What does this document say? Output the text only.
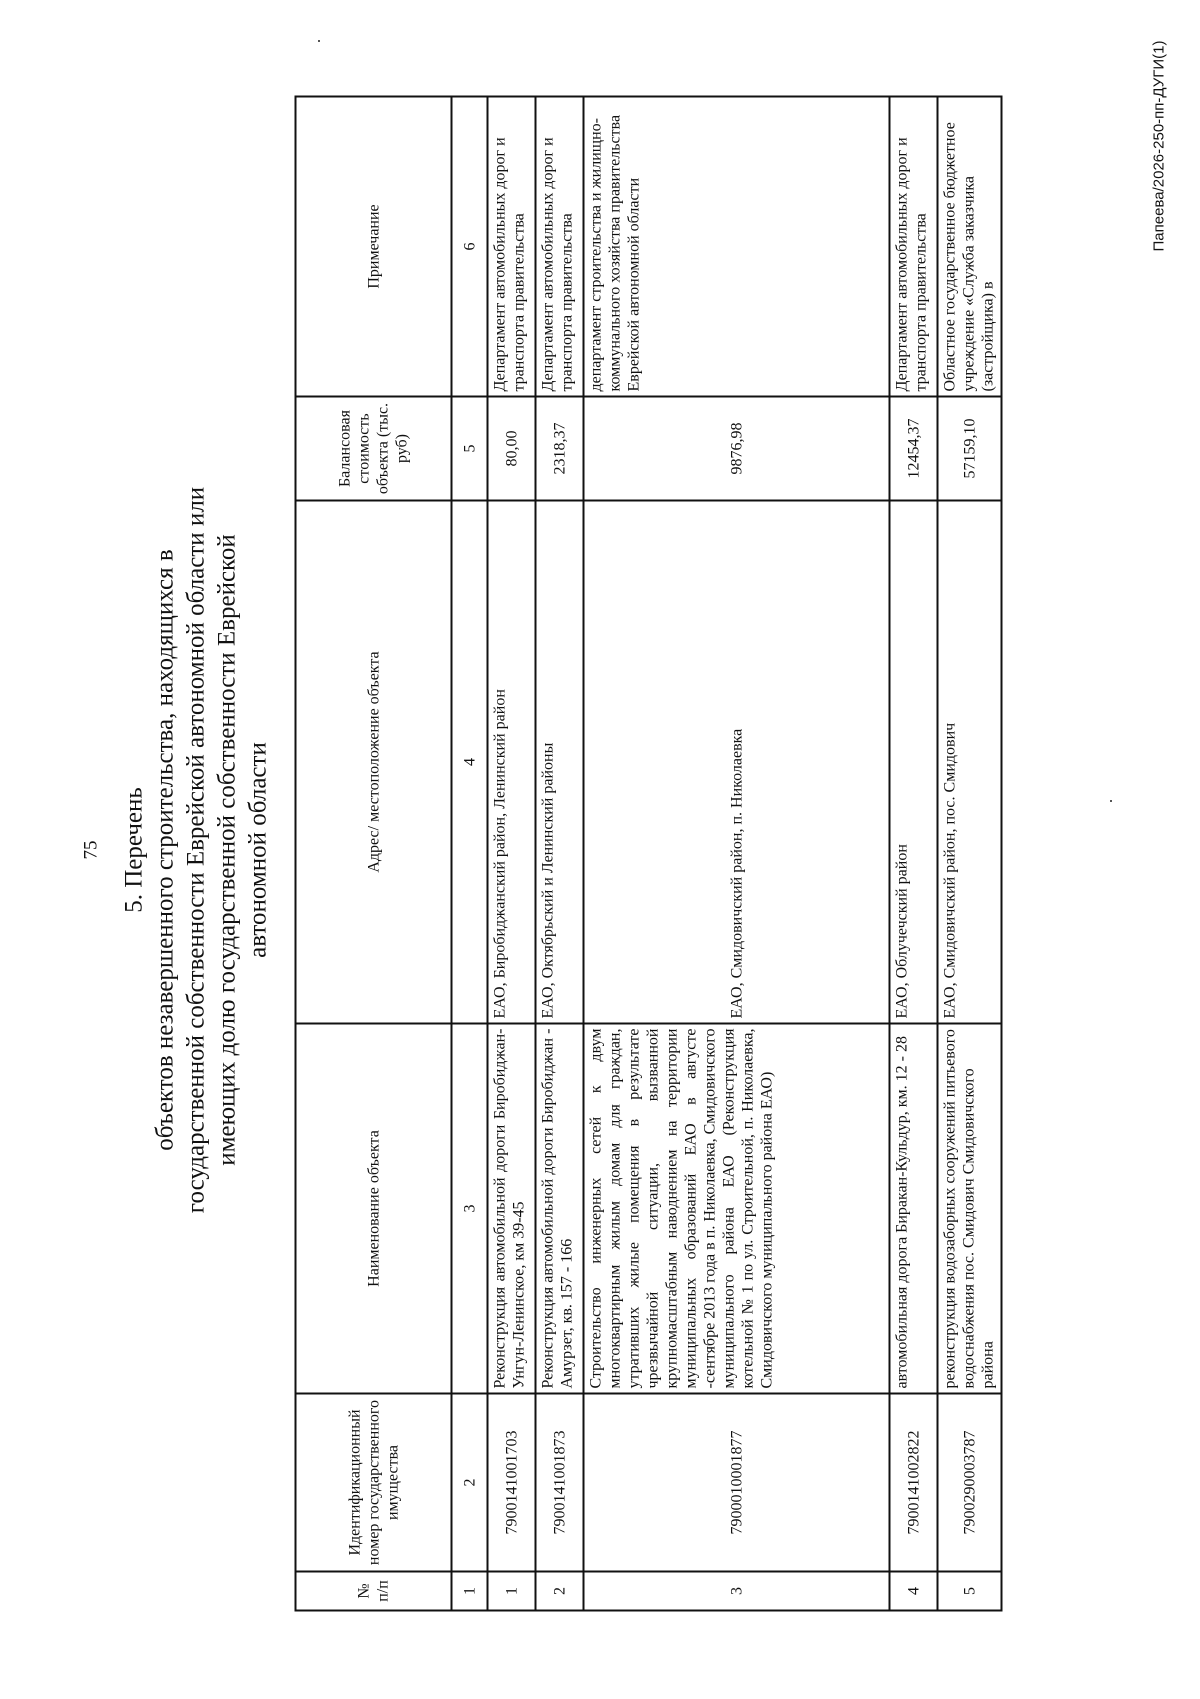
75 5. Перечень объектов незавершенного строительства, находящихся в государственной собственности Еврейской автономной области или имеющих долю государственной собственности Еврейской автономной области
№ п/п	Идентификационный номер государственного имущества	Наименование объекта	Адрес/ местоположение объекта	Балансовая стоимость объекта (тыс. руб)	Примечание
1	2	3	4	5	6
1	7900141001703	Реконструкция автомобильной дороги Биробиджан-Унгун-Ленинское, км 39-45	ЕАО, Биробиджанский район, Ленинский район	80,00	Департамент автомобильных дорог и транспорта правительства
2	7900141001873	Реконструкция автомобильной дороги Биробиджан - Амурзет, кв. 157 - 166	ЕАО, Октябрьский и Ленинский районы	2318,37	Департамент автомобильных дорог и транспорта правительства
3	7900010001877	Строительство инженерных сетей к двум многоквартирным жилым домам для граждан, утративших жилые помещения в результате чрезвычайной ситуации, вызванной крупномасштабным наводнением на территории муниципальных образований ЕАО в августе -сентябре 2013 года в п. Николаевка, Смидовичского муниципального района ЕАО (Реконструкция котельной № 1 по ул. Строительной, п. Николаевка, Смидовичского муниципального района ЕАО)	ЕАО, Смидовичский район, п. Николаевка	9876,98	департамент строительства и жилищно-коммунального хозяйства правительства Еврейской автономной области
4	7900141002822	автомобильная дорога Биракан-Кульдур, км. 12 - 28	ЕАО, Облучечский район	12454,37	Департамент автомобильных дорог и транспорта правительства
5	7900290003787	реконструкция водозаборных сооружений питьевого водоснабжения пос. Смидович Смидовичского района	ЕАО, Смидовичский район, пос. Смидович	57159,10	Областное государственное бюджетное учреждение «Служба заказчика (застройщика) в
Папеева/2026-250-пп-ДУГИ(1)
